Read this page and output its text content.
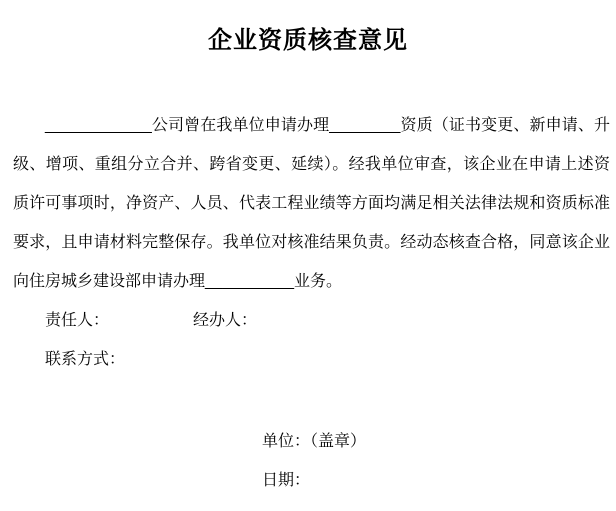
企业资质核查意见

____________公司曾在我单位申请办理________资质（证书变更、新申请、升级、增项、重组分立合并、跨省变更、延续）。经我单位审查，该企业在申请上述资质许可事项时，净资产、人员、代表工程业绩等方面均满足相关法律法规和资质标准要求，且申请材料完整保存。我单位对核准结果负责。经动态核查合格，同意该企业向住房城乡建设部申请办理__________业务。

责任人：	经办人：

联系方式：

单位：（盖章）

日期：
